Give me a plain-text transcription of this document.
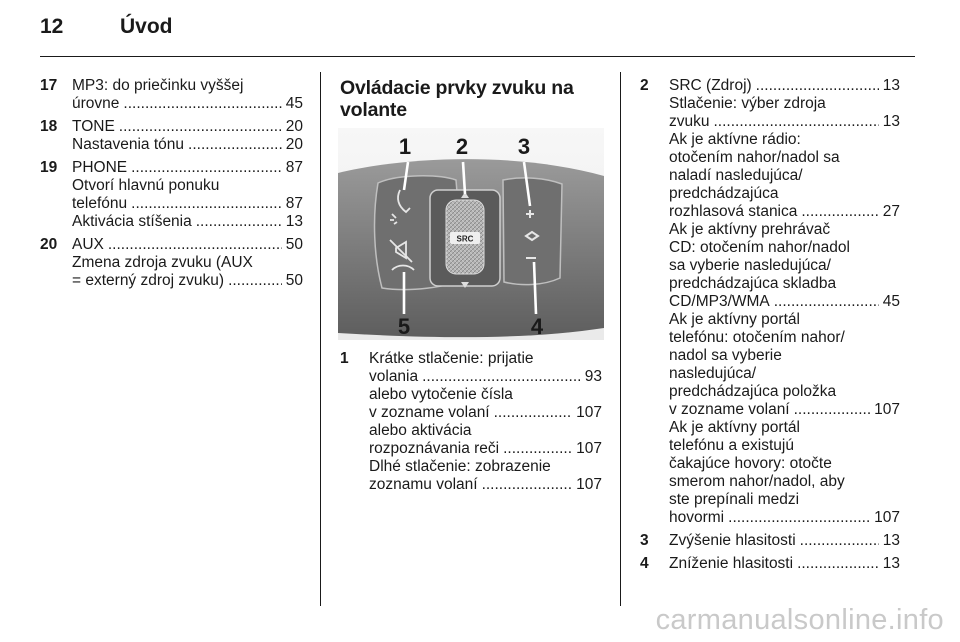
12	Úvod
17 MP3: do priečinku vyššej
úrovne .....	45
18 TONE .....	20
Nastavenia tónu .....	20
19 PHONE .....	87
Otvorí hlavnú ponuku
telefónu .....	87
Aktivácia stíšenia .....	13
20 AUX .....	50
Zmena zdroja zvuku (AUX
= externý zdroj zvuku) .....	50
Ovládacie prvky zvuku na
volante
SRC
1 2 3
4
5
1 Krátke stlačenie: prijatie
volania .....	93
alebo vytočenie čísla
v zozname volaní .....	107
alebo aktivácia
rozpoznávania reči .....	107
Dlhé stlačenie: zobrazenie
zoznamu volaní .....	107
2 SRC (Zdroj) .....	13
Stlačenie: výber zdroja
zvuku .....	13
Ak je aktívne rádio:
otočením nahor/nadol sa
naladí nasledujúca/
predchádzajúca
rozhlasová stanica .....	27
Ak je aktívny prehrávač
CD: otočením nahor/nadol
sa vyberie nasledujúca/
predchádzajúca skladba
CD/MP3/WMA .....	45
Ak je aktívny portál
telefónu: otočením nahor/
nadol sa vyberie
nasledujúca/
predchádzajúca položka
v zozname volaní .....	107
Ak je aktívny portál
telefónu a existujú
čakajúce hovory: otočte
smerom nahor/nadol, aby
ste prepínali medzi
hovormi .....	107
3 Zvýšenie hlasitosti .....	13
4 Zníženie hlasitosti .....	13
carmanualsonline.info
